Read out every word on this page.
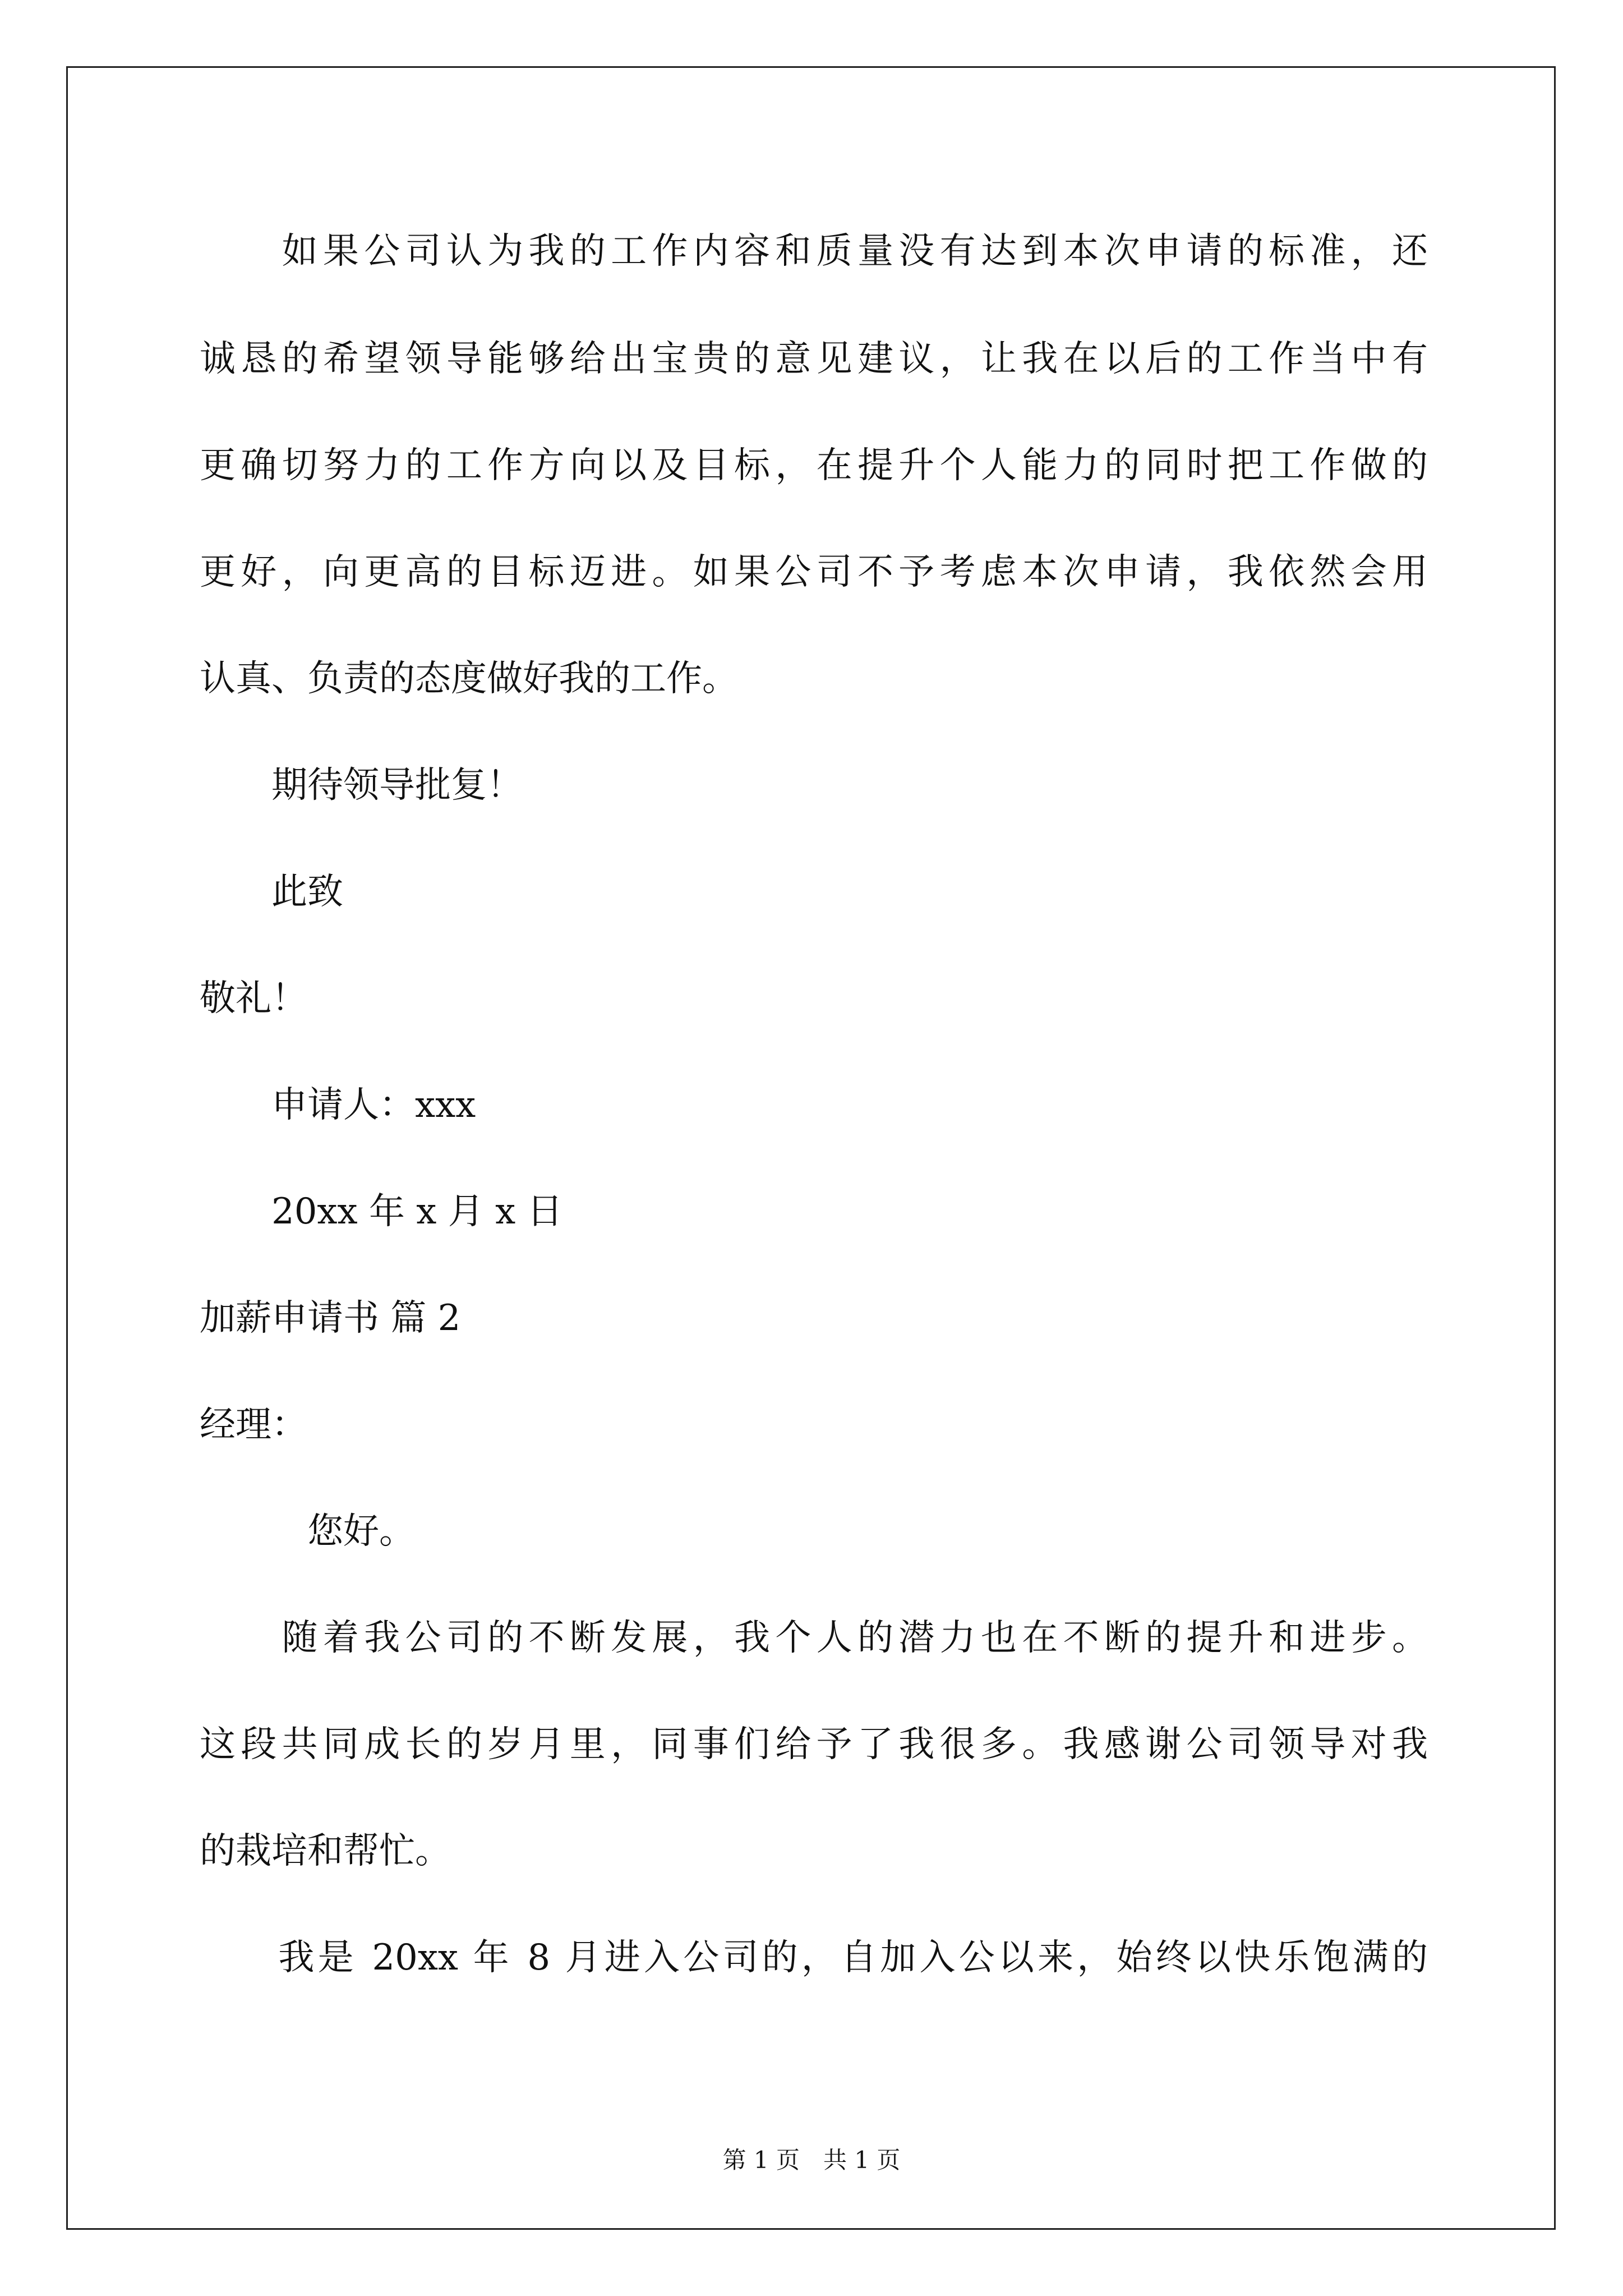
　　如果公司认为我的工作内容和质量没有达到本次申请的标准，还
诚恳的希望领导能够给出宝贵的意见建议，让我在以后的工作当中有
更确切努力的工作方向以及目标，在提升个人能力的同时把工作做的
更好，向更高的目标迈进。如果公司不予考虑本次申请，我依然会用
认真、负责的态度做好我的工作。
　　期待领导批复！
　　此致
敬礼！
　　申请人：xxx
　　20xx 年 x 月 x 日
加薪申请书 篇 2
经理：
　　　您好。
　　随着我公司的不断发展，我个人的潜力也在不断的提升和进步。
这段共同成长的岁月里，同事们给予了我很多。我感谢公司领导对我
的栽培和帮忙。
　　我是 20xx 年 8 月进入公司的，自加入公以来，始终以快乐饱满的
第 1 页　共 1 页
